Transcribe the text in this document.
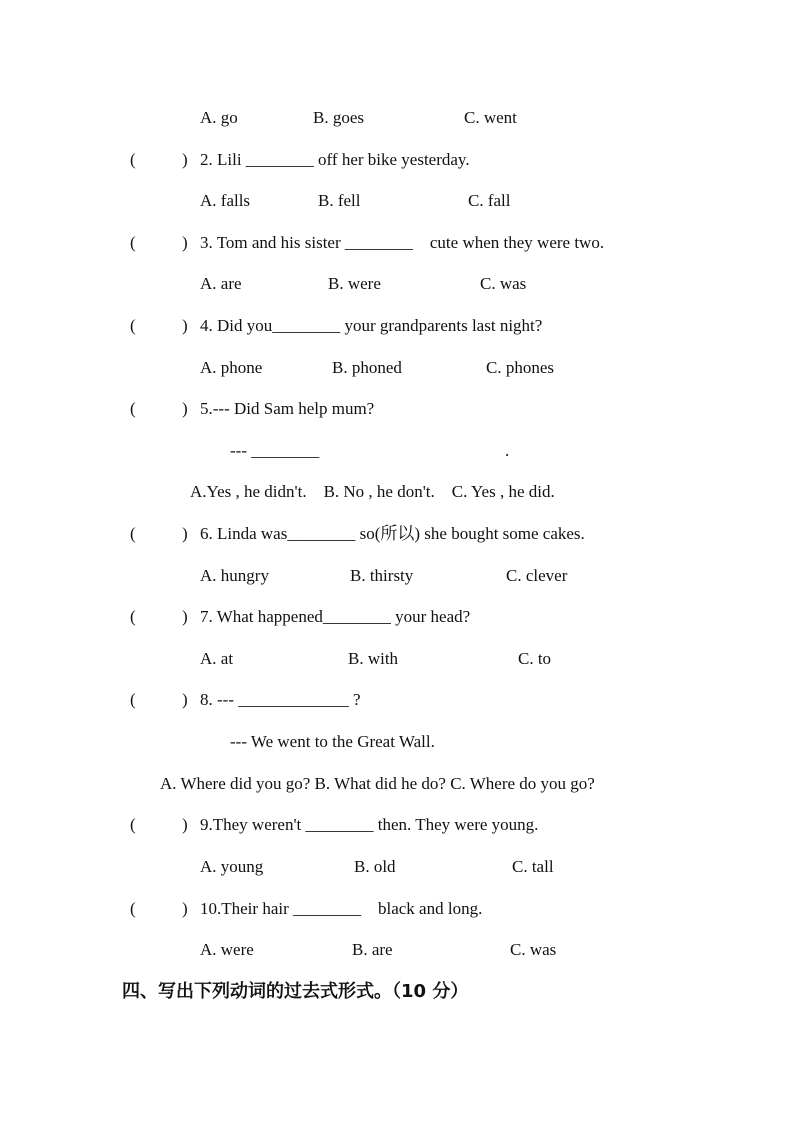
A. go	B. goes	C. went
(	) 2. Lili ________ off her bike yesterday.
A. falls	B. fell	C. fall
(	) 3. Tom and his sister ________    cute when they were two.
A. are	B. were	C. was
(	) 4. Did you________ your grandparents last night?
A. phone	B. phoned	C. phones
(	) 5.--- Did Sam help mum?
--- ________	.
A.Yes , he didn't.    B. No , he don't.    C. Yes , he did.
(	) 6. Linda was________ so(所以) she bought some cakes.
A. hungry	B. thirsty	C. clever
(	) 7. What happened________ your head?
A. at	B. with	C. to
(	) 8. --- _____________ ?
--- We went to the Great Wall.
A. Where did you go? B. What did he do? C. Where do you go?
(	) 9.They weren't ________ then. They were young.
A. young	B. old	C. tall
(	) 10.Their hair ________    black and long.
A. were	B. are	C. was
四、写出下列动词的过去式形式。（10 分）
